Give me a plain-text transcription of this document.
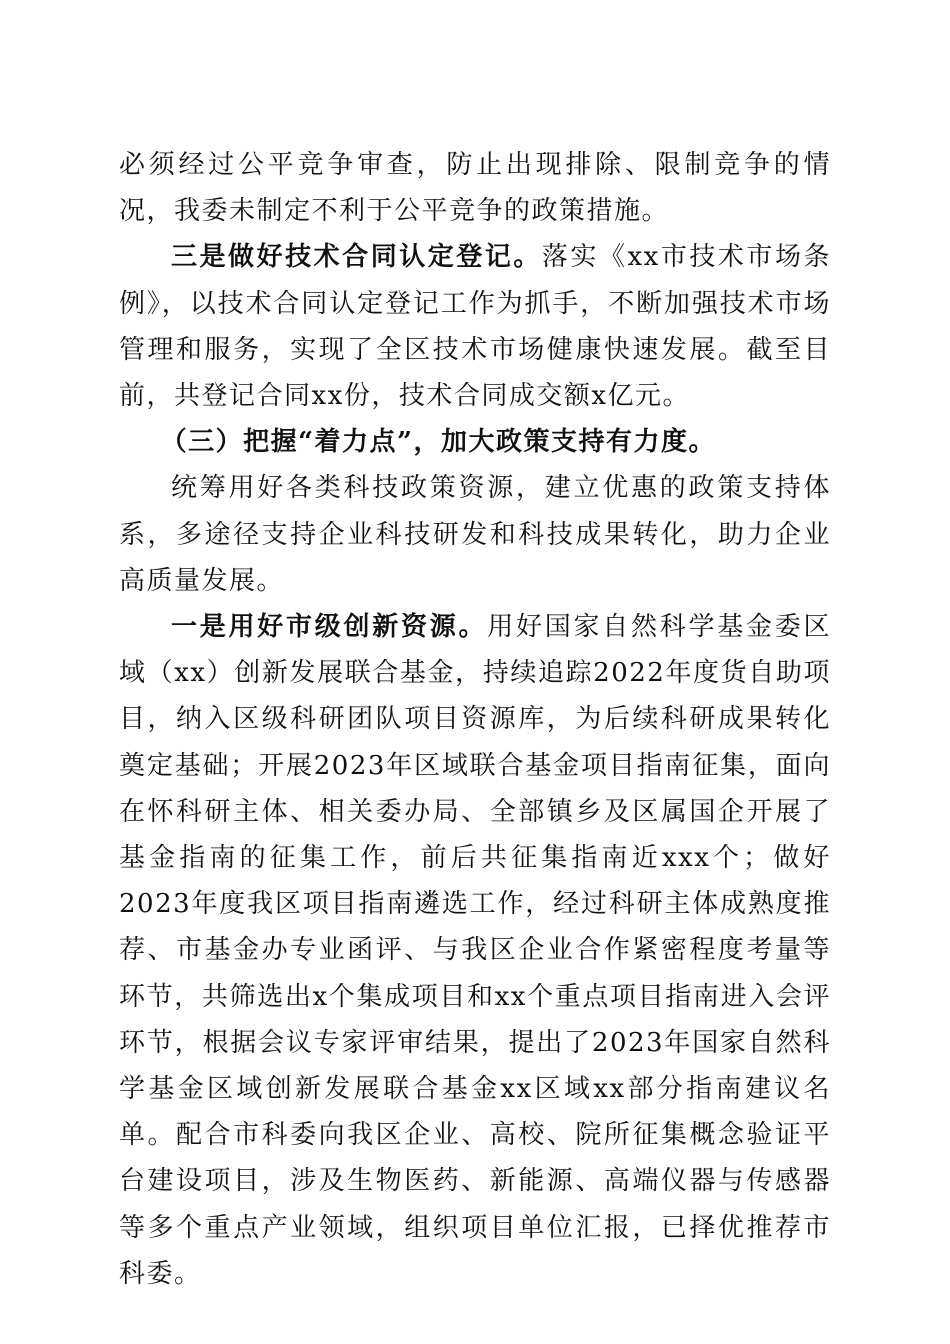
必须经过公平竞争审查，防止出现排除、限制竞争的情况，我委未制定不利于公平竞争的政策措施。

三是做好技术合同认定登记。落实《xx市技术市场条例》，以技术合同认定登记工作为抓手，不断加强技术市场管理和服务，实现了全区技术市场健康快速发展。截至目前，共登记合同xx份，技术合同成交额x亿元。

（三）把握“着力点”，加大政策支持有力度。

统筹用好各类科技政策资源，建立优惠的政策支持体系，多途径支持企业科技研发和科技成果转化，助力企业高质量发展。

一是用好市级创新资源。用好国家自然科学基金委区域（xx）创新发展联合基金，持续追踪2022年度货自助项目，纳入区级科研团队项目资源库，为后续科研成果转化奠定基础；开展2023年区域联合基金项目指南征集，面向在怀科研主体、相关委办局、全部镇乡及区属国企开展了基金指南的征集工作，前后共征集指南近xxx个；做好2023年度我区项目指南遴选工作，经过科研主体成熟度推荐、市基金办专业函评、与我区企业合作紧密程度考量等环节，共筛选出x个集成项目和xx个重点项目指南进入会评环节，根据会议专家评审结果，提出了2023年国家自然科学基金区域创新发展联合基金xx区域xx部分指南建议名单。配合市科委向我区企业、高校、院所征集概念验证平台建设项目，涉及生物医药、新能源、高端仪器与传感器等多个重点产业领域，组织项目单位汇报，已择优推荐市科委。
